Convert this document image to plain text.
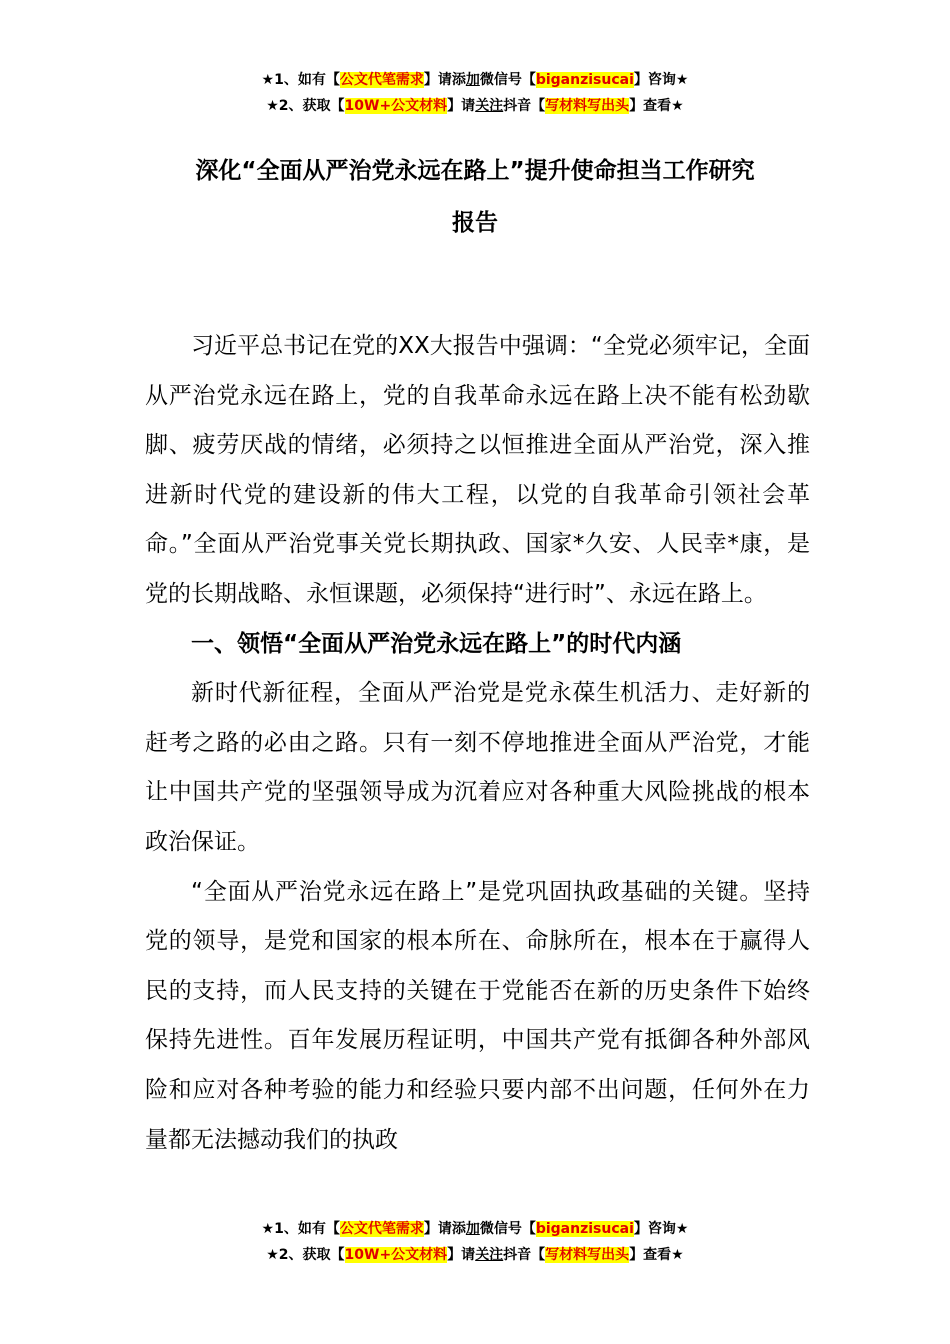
★1、如有【公文代笔需求】请添加微信号【biganzisucai】咨询★
★2、获取【10W+公文材料】请关注抖音【写材料写出头】查看★
深化“全面从严治党永远在路上”提升使命担当工作研究
报告

习近平总书记在党的XX大报告中强调：“全党必须牢记，全面从严治党永远在路上，党的自我革命永远在路上决不能有松劲歇脚、疲劳厌战的情绪，必须持之以恒推进全面从严治党，深入推进新时代党的建设新的伟大工程，以党的自我革命引领社会革命。”全面从严治党事关党长期执政、国家*久安、人民幸*康，是党的长期战略、永恒课题，必须保持“进行时”、永远在路上。

一、领悟“全面从严治党永远在路上”的时代内涵

新时代新征程，全面从严治党是党永葆生机活力、走好新的赶考之路的必由之路。只有一刻不停地推进全面从严治党，才能让中国共产党的坚强领导成为沉着应对各种重大风险挑战的根本政治保证。

“全面从严治党永远在路上”是党巩固执政基础的关键。坚持党的领导，是党和国家的根本所在、命脉所在，根本在于赢得人民的支持，而人民支持的关键在于党能否在新的历史条件下始终保持先进性。百年发展历程证明，中国共产党有抵御各种外部风险和应对各种考验的能力和经验只要内部不出问题，任何外在力量都无法撼动我们的执政

★1、如有【公文代笔需求】请添加微信号【biganzisucai】咨询★
★2、获取【10W+公文材料】请关注抖音【写材料写出头】查看★
